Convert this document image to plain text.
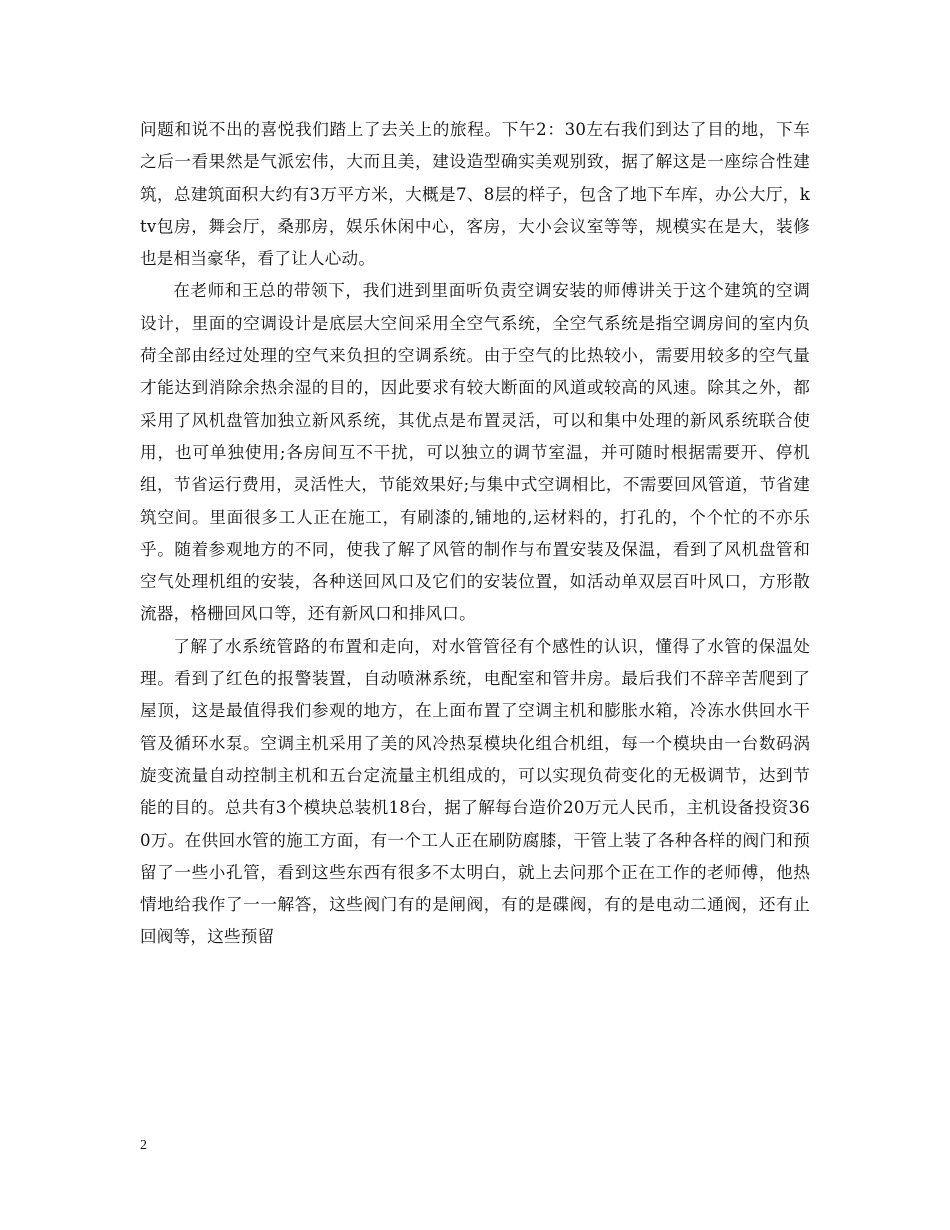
问题和说不出的喜悦我们踏上了去关上的旅程。下午2：30左右我们到达了目的地，下车之后一看果然是气派宏伟，大而且美，建设造型确实美观别致，据了解这是一座综合性建筑，总建筑面积大约有3万平方米，大概是7、8层的样子，包含了地下车库，办公大厅，ktv包房，舞会厅，桑那房，娱乐休闲中心，客房，大小会议室等等，规模实在是大，装修也是相当豪华，看了让人心动。

在老师和王总的带领下，我们进到里面听负责空调安装的师傅讲关于这个建筑的空调设计，里面的空调设计是底层大空间采用全空气系统，全空气系统是指空调房间的室内负荷全部由经过处理的空气来负担的空调系统。由于空气的比热较小，需要用较多的空气量才能达到消除余热余湿的目的，因此要求有较大断面的风道或较高的风速。除其之外，都采用了风机盘管加独立新风系统，其优点是布置灵活，可以和集中处理的新风系统联合使用，也可单独使用;各房间互不干扰，可以独立的调节室温，并可随时根据需要开、停机组，节省运行费用，灵活性大，节能效果好;与集中式空调相比，不需要回风管道，节省建筑空间。里面很多工人正在施工，有刷漆的,铺地的,运材料的，打孔的，个个忙的不亦乐乎。随着参观地方的不同，使我了解了风管的制作与布置安装及保温，看到了风机盘管和空气处理机组的安装，各种送回风口及它们的安装位置，如活动单双层百叶风口，方形散流器，格栅回风口等，还有新风口和排风口。

了解了水系统管路的布置和走向，对水管管径有个感性的认识，懂得了水管的保温处理。看到了红色的报警装置，自动喷淋系统，电配室和管井房。最后我们不辞辛苦爬到了屋顶，这是最值得我们参观的地方，在上面布置了空调主机和膨胀水箱，冷冻水供回水干管及循环水泵。空调主机采用了美的风冷热泵模块化组合机组，每一个模块由一台数码涡旋变流量自动控制主机和五台定流量主机组成的，可以实现负荷变化的无极调节，达到节能的目的。总共有3个模块总装机18台，据了解每台造价20万元人民币，主机设备投资360万。在供回水管的施工方面，有一个工人正在刷防腐膝，干管上装了各种各样的阀门和预留了一些小孔管，看到这些东西有很多不太明白，就上去问那个正在工作的老师傅，他热情地给我作了一一解答，这些阀门有的是闸阀，有的是碟阀，有的是电动二通阀，还有止回阀等，这些预留

2
